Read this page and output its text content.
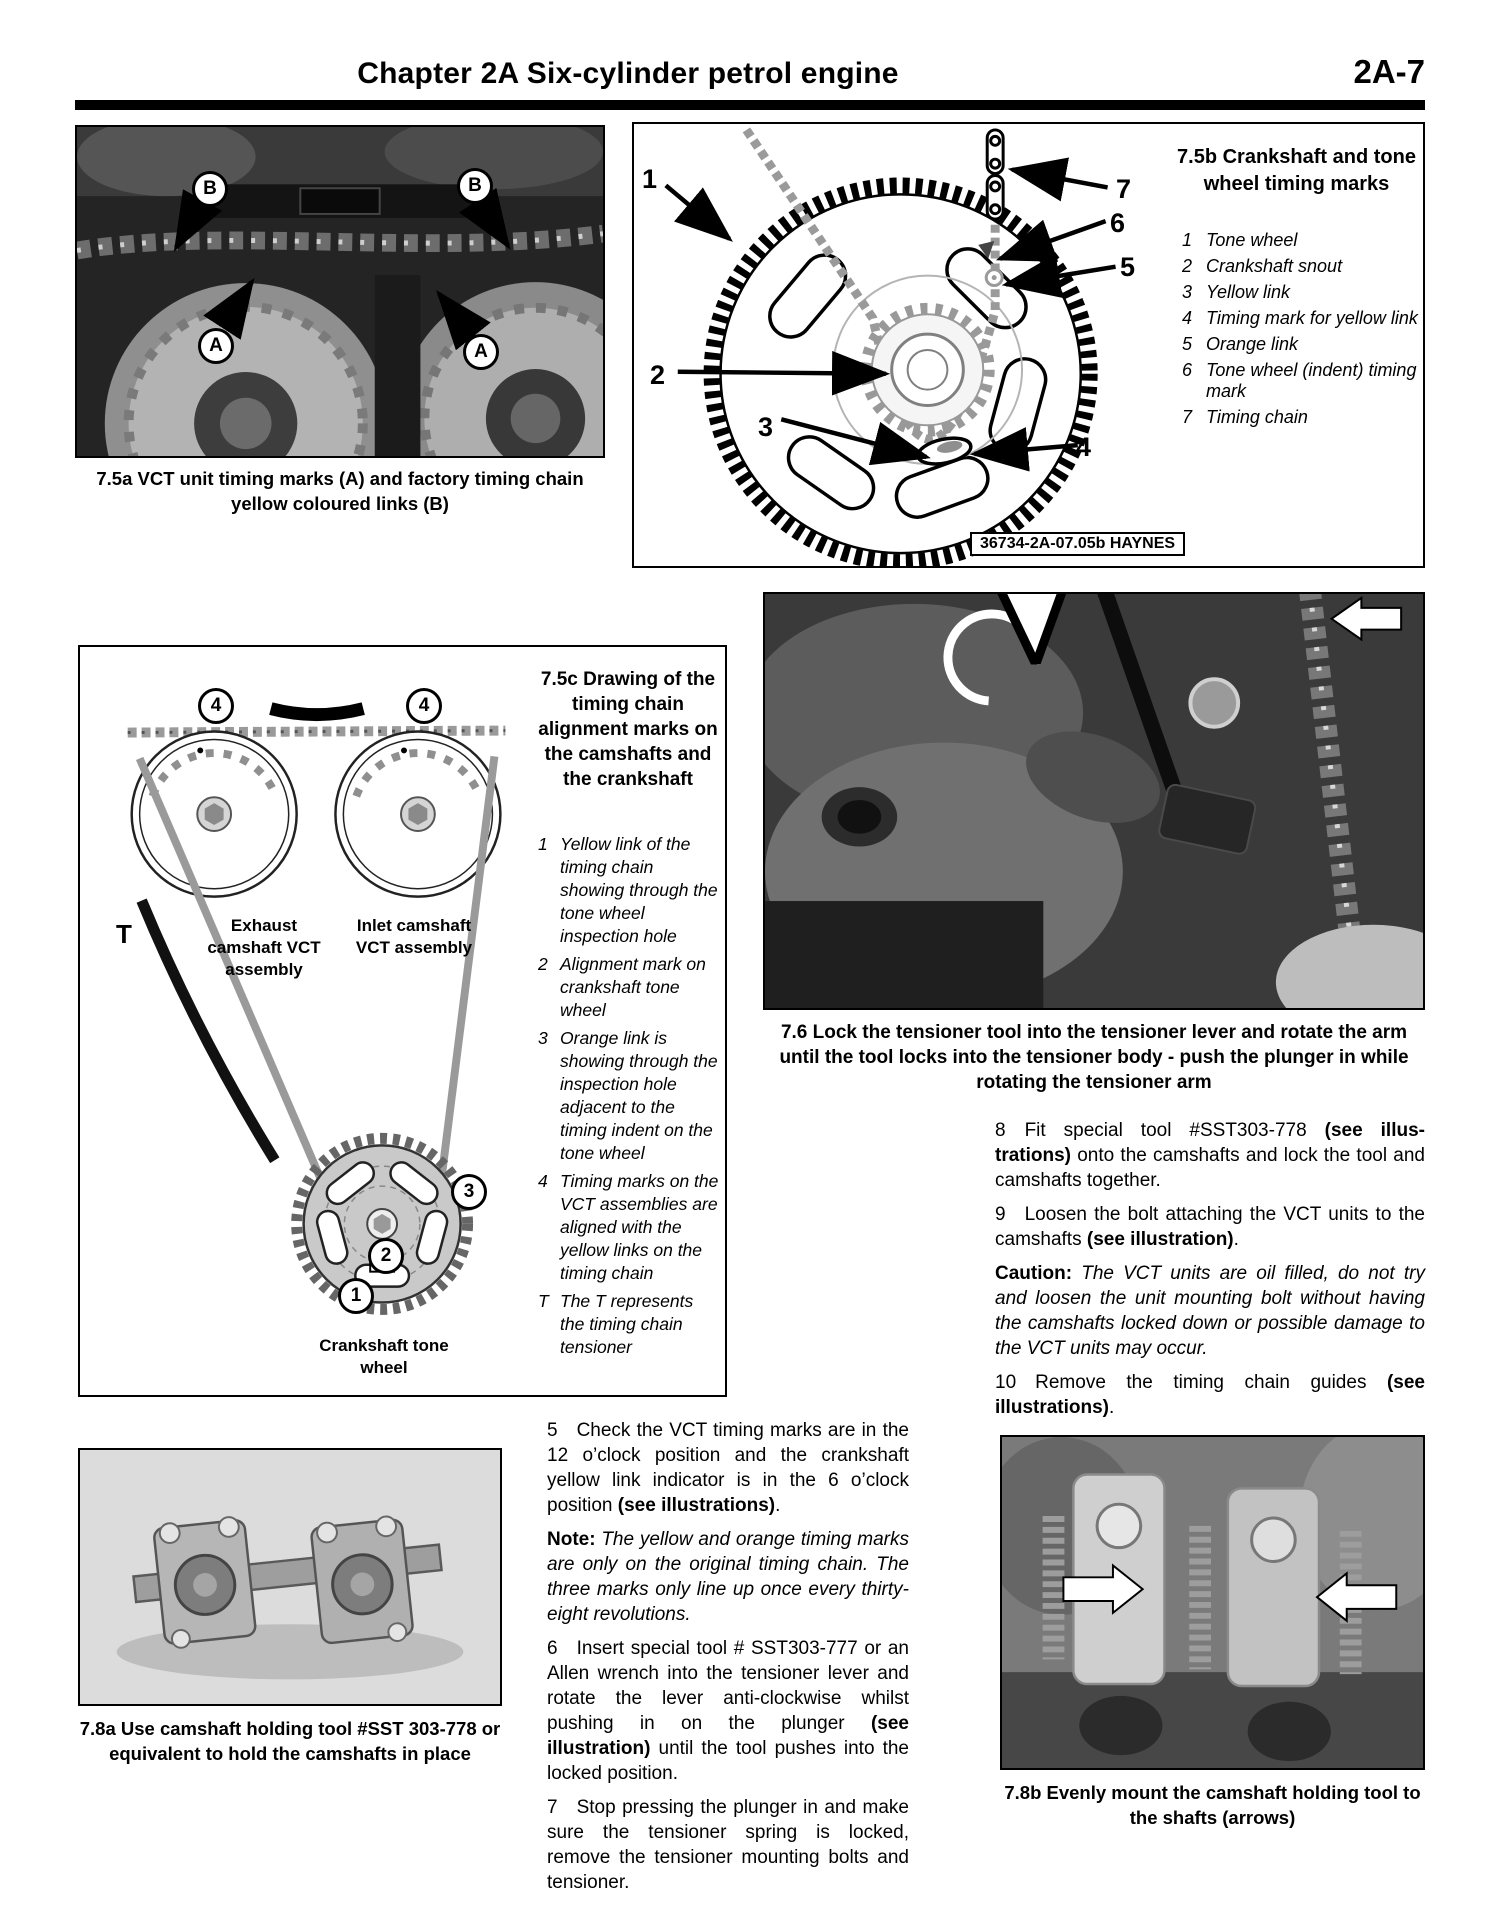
Chapter 2A Six-cylinder petrol engine	2A-7
B	B
A	A
7.5a VCT unit timing marks (A) and factory timing chain yellow coloured links (B)
1
2
3
4
5
6
7
7.5b Crankshaft and tone wheel timing marks
1 Tone wheel
2 Crankshaft snout
3 Yellow link
4 Timing mark for yellow link
5 Orange link
6 Tone wheel (indent) timing mark
7 Timing chain
36734-2A-07.05b HAYNES
4	4
3
2
1
T	Exhaust camshaft VCT assembly
Inlet camshaft VCT assembly
Crankshaft tone wheel
7.5c Drawing of the timing chain alignment marks on the camshafts and the crankshaft
1 Yellow link of the timing chain showing through the tone wheel inspection hole
2 Alignment mark on crankshaft tone wheel
3 Orange link is showing through the inspection hole adjacent to the timing indent on the tone wheel
4 Timing marks on the VCT assemblies are aligned with the yellow links on the timing chain
T The T represents the timing chain tensioner
7.6 Lock the tensioner tool into the tensioner lever and rotate the arm until the tool locks into the tensioner body - push the plunger in while rotating the tensioner arm

8 Fit special tool #SST303-778 (see illustrations) onto the camshafts and lock the tool and camshafts together.

9 Loosen the bolt attaching the VCT units to the camshafts (see illustration).

Caution: The VCT units are oil filled, do not try and loosen the unit mounting bolt without having the camshafts locked down or possible damage to the VCT units may occur.

10 Remove the timing chain guides (see illustrations).

7.8a Use camshaft holding tool #SST 303-778 or equivalent to hold the camshafts in place

5 Check the VCT timing marks are in the 12 o’clock position and the crankshaft yellow link indicator is in the 6 o’clock position (see illustrations).

Note: The yellow and orange timing marks are only on the original timing chain. The three marks only line up once every thirty-eight revolutions.

6 Insert special tool # SST303-777 or an Allen wrench into the tensioner lever and rotate the lever anti-clockwise whilst pushing in on the plunger (see illustration) until the tool pushes into the locked position.

7 Stop pressing the plunger in and make sure the tensioner spring is locked, remove the tensioner mounting bolts and tensioner.

7.8b Evenly mount the camshaft holding tool to the shafts (arrows)
